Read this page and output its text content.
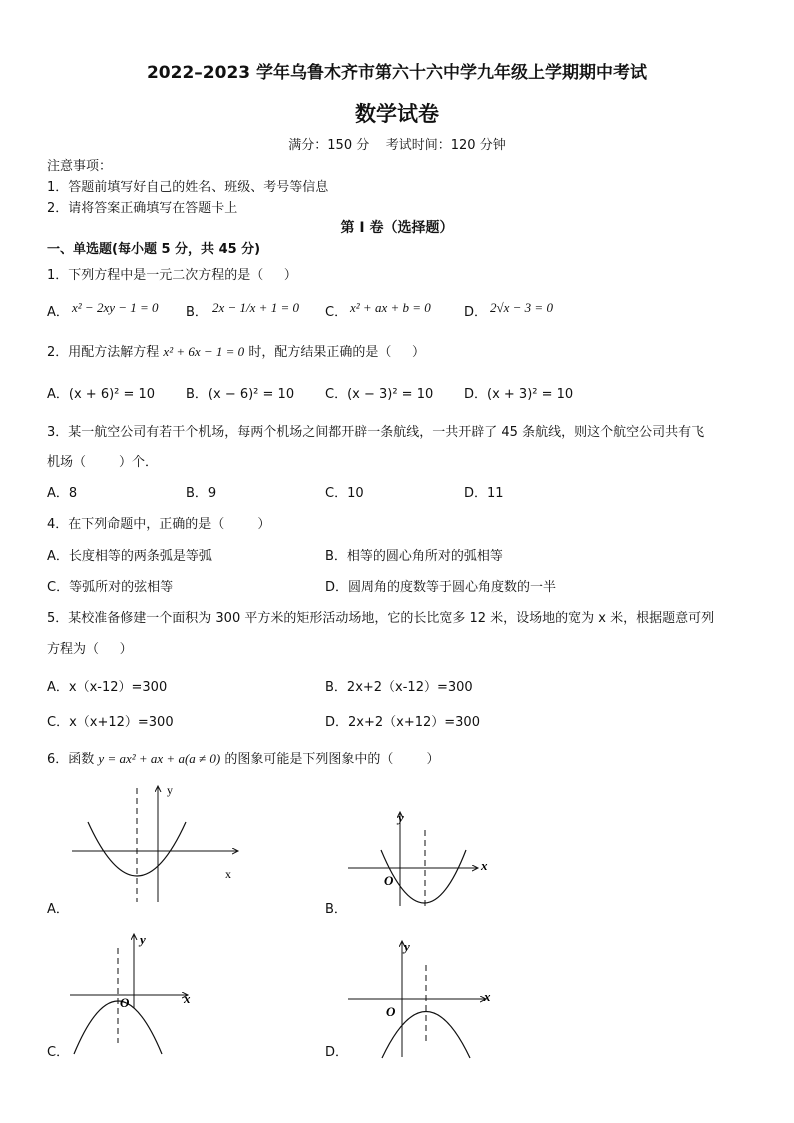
2022–2023 学年乌鲁木齐市第六十六中学九年级上学期期中考试
数学试卷
满分：150 分    考试时间：120 分钟
注意事项：
1．答题前填写好自己的姓名、班级、考号等信息
2．请将答案正确填写在答题卡上
第 I 卷（选择题）
一、单选题(每小题 5 分，共 45 分)
1．下列方程中是一元二次方程的是（     ）
A． x² − 2xy − 1 = 0 B． 2x − 1/x + 1 = 0 C． x² + ax + b = 0	D． 2√x − 3 = 0
2．用配方法解方程 x² + 6x − 1 = 0 时，配方结果正确的是（     ）
A．(x + 6)² = 10 B．(x − 6)² = 10 C．(x − 3)² = 10 D．(x + 3)² = 10
3．某一航空公司有若干个机场，每两个机场之间都开辟一条航线，一共开辟了 45 条航线，则这个航空公司共有飞
机场（        ）个．
A．8	B．9	C．10	D．11
4．在下列命题中，正确的是（        ）
A．长度相等的两条弧是等弧	B．相等的圆心角所对的弧相等
C．等弧所对的弦相等	D．圆周角的度数等于圆心角度数的一半
5．某校准备修建一个面积为 300 平方米的矩形活动场地，它的长比宽多 12 米，设场地的宽为 x 米，根据题意可列
方程为（     ）
A．x（x-12）=300	B．2x+2（x-12）=300
C．x（x+12）=300	D．2x+2（x+12）=300
6．函数 y = ax² + ax + a(a ≠ 0) 的图象可能是下列图象中的（        ）
y
x
A．
y
x
O
B．
y
x
O
C．
y
x
O
D．
